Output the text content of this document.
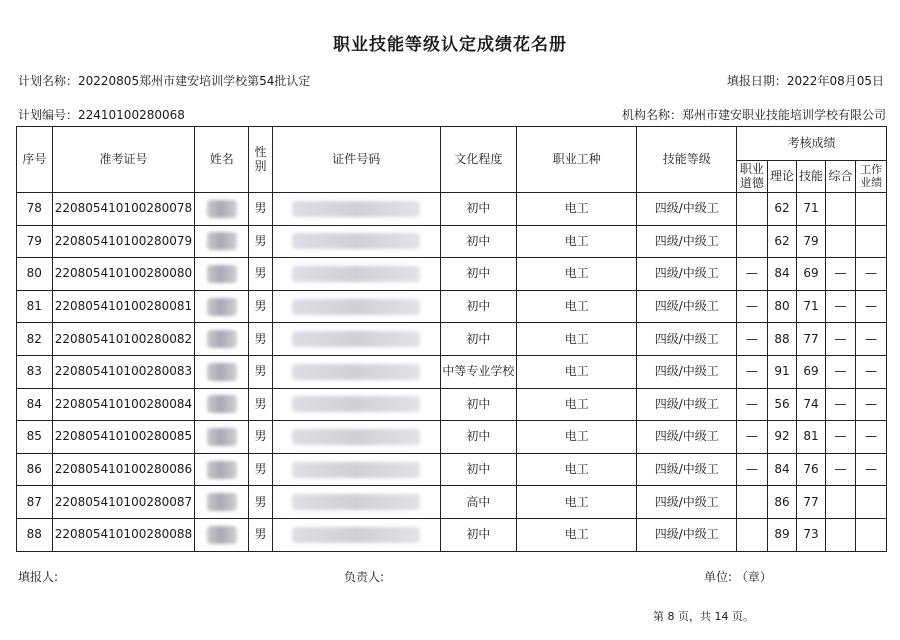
职业技能等级认定成绩花名册
计划名称：20220805郑州市建安培训学校第54批认定	填报日期：2022年08月05日
计划编号：22410100280068	机构名称：郑州市建安职业技能培训学校有限公司
序号	准考证号	姓名	性别	证件号码	文化程度	职业工种	技能等级	考核成绩				
								职业道德	理论	技能	综合	工作业绩
78	220805410100280078		男		初中	电工	四级/中级工		62	71		
79	220805410100280079		男		初中	电工	四级/中级工		62	79		
80	220805410100280080		男		初中	电工	四级/中级工	—	84	69	—	—
81	220805410100280081		男		初中	电工	四级/中级工	—	80	71	—	—
82	220805410100280082		男		初中	电工	四级/中级工	—	88	77	—	—
83	220805410100280083		男		中等专业学校	电工	四级/中级工	—	91	69	—	—
84	220805410100280084		男		初中	电工	四级/中级工	—	56	74	—	—
85	220805410100280085		男		初中	电工	四级/中级工	—	92	81	—	—
86	220805410100280086		男		初中	电工	四级/中级工	—	84	76	—	—
87	220805410100280087		男		高中	电工	四级/中级工		86	77		
88	220805410100280088		男		初中	电工	四级/中级工		89	73		
填报人:	负责人:	单位: （章）
第 8 页，共 14 页。
